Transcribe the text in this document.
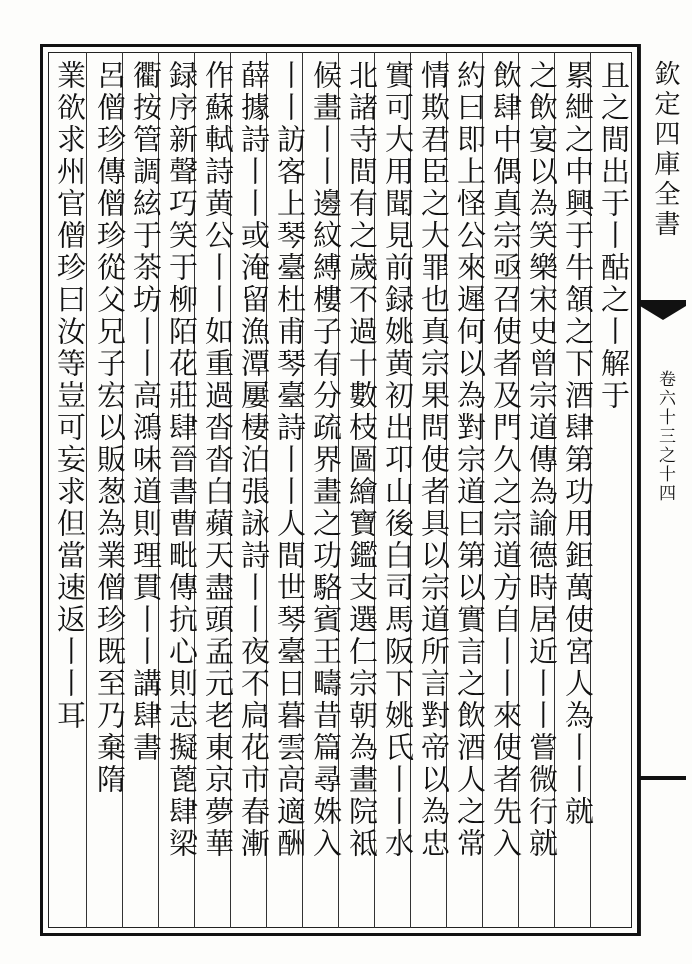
且之間出于丨酤之丨解于
累紲之中興于牛頷之下酒肆第功用鉅萬使宮人為丨丨就
之飲宴以為笑樂宋史曾宗道傳為諭德時居近丨丨嘗微行就
飲肆中偶真宗亟召使者及門久之宗道方自丨丨來使者先入
約曰即上怪公來遲何以為對宗道曰第以實言之飲酒人之常
情欺君臣之大罪也真宗果問使者具以宗道所言對帝以為忠
實可大用聞見前録姚黄初出卭山後白司馬阪下姚氏丨丨水
北諸寺間有之歲不過十數枝圖繪寶鑑支選仁宗朝為畫院祗
候畫丨丨邊紋縛樓子有分疏界畫之功駱賓王疇昔篇尋姝入
丨丨訪客上琴臺杜甫琴臺詩丨丨人間世琴臺日暮雲高適酬
薛據詩丨丨或淹留漁潭屢棲泊張詠詩丨丨夜不扃花市春漸
作蘇軾詩黄公丨丨如重過沓沓白蘋天盡頭孟元老東京夢華
録序新聲巧笑于柳陌花莊肆晉書曹毗傳抗心則志擬蓖肆梁
衢按管調絃于茶坊丨丨高鴻味道則理貫丨丨講肆書
呂僧珍傳僧珍從父兄子宏以販葱為業僧珍既至乃棄隋
業欲求州官僧珍曰汝等豈可妄求但當速返丨丨耳	欽定四庫全書
卷六十三之十四
